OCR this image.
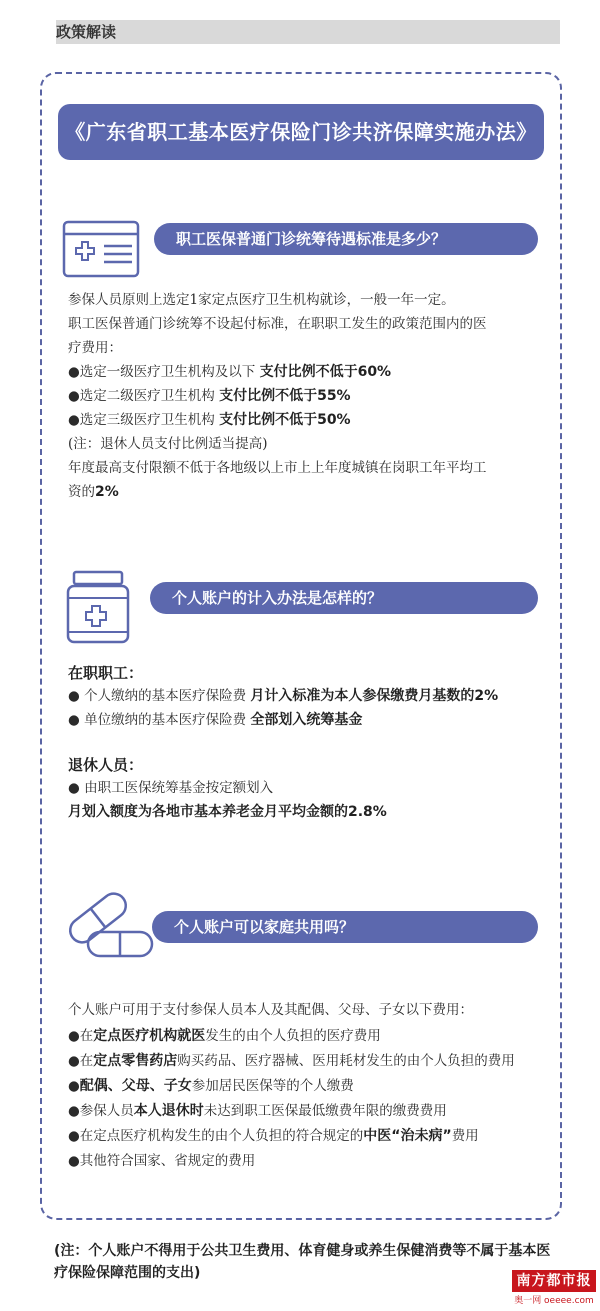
政策解读
《广东省职工基本医疗保险门诊共济保障实施办法》
职工医保普通门诊统筹待遇标准是多少？
参保人员原则上选定1家定点医疗卫生机构就诊，一般一年一定。
职工医保普通门诊统筹不设起付标准，在职职工发生的政策范围内的医
疗费用：
●选定一级医疗卫生机构及以下 支付比例不低于60%
●选定二级医疗卫生机构 支付比例不低于55%
●选定三级医疗卫生机构 支付比例不低于50%
(注：退休人员支付比例适当提高)
年度最高支付限额不低于各地级以上市上上年度城镇在岗职工年平均工
资的2%
个人账户的计入办法是怎样的？
在职职工：
● 个人缴纳的基本医疗保险费 月计入标准为本人参保缴费月基数的2%
● 单位缴纳的基本医疗保险费 全部划入统筹基金
退休人员：
● 由职工医保统筹基金按定额划入
月划入额度为各地市基本养老金月平均金额的2.8%
个人账户可以家庭共用吗？
个人账户可用于支付参保人员本人及其配偶、父母、子女以下费用：
●在定点医疗机构就医发生的由个人负担的医疗费用
●在定点零售药店购买药品、医疗器械、医用耗材发生的由个人负担的费用
●配偶、父母、子女参加居民医保等的个人缴费
●参保人员本人退休时未达到职工医保最低缴费年限的缴费费用
●在定点医疗机构发生的由个人负担的符合规定的中医“治未病”费用
●其他符合国家、省规定的费用
(注：个人账户不得用于公共卫生费用、体育健身或养生保健消费等不属于基本医
疗保险保障范围的支出)	南方都市报
奥一网 oeeee.com
